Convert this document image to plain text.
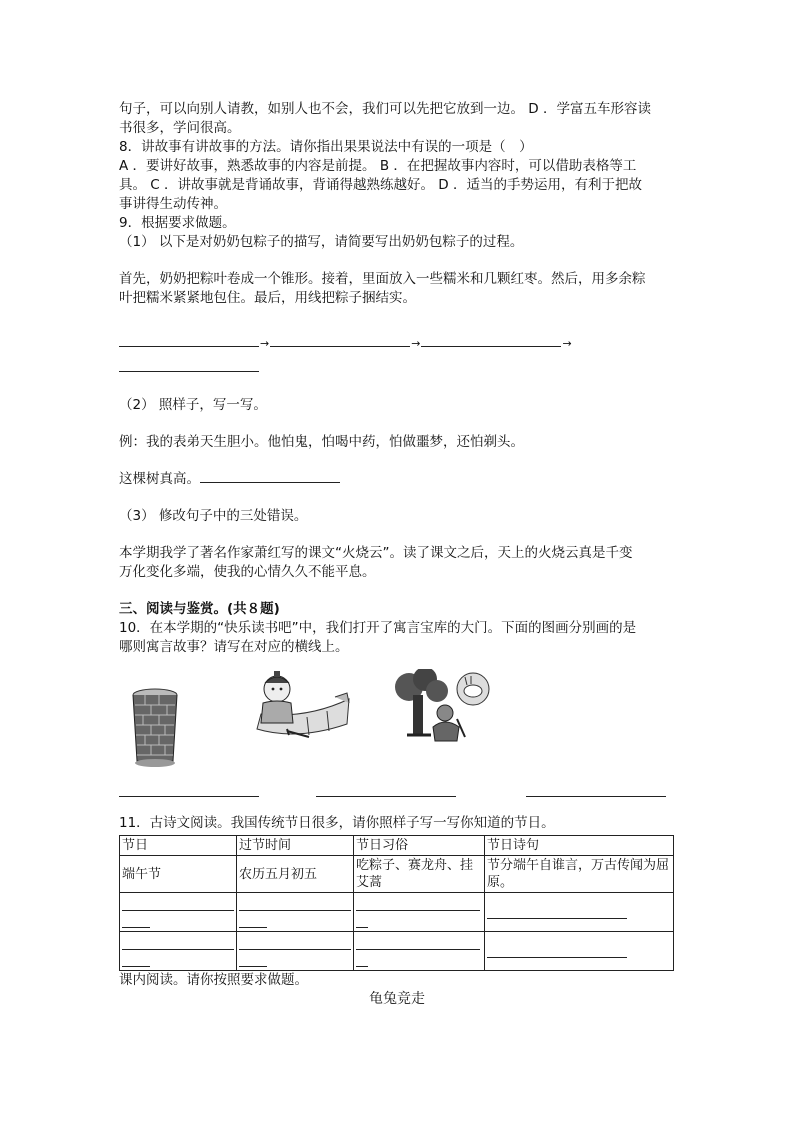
句子，可以向别人请教，如别人也不会，我们可以先把它放到一边。 D ．学富五车形容读

书很多，学问很高。

8．讲故事有讲故事的方法。请你指出果果说法中有误的一项是（　）

A ．要讲好故事，熟悉故事的内容是前提。 B ．在把握故事内容时，可以借助表格等工

具。 C ．讲故事就是背诵故事，背诵得越熟练越好。 D ．适当的手势运用，有利于把故

事讲得生动传神。

9．根据要求做题。

（1） 以下是对奶奶包粽子的描写，请简要写出奶奶包粽子的过程。

首先，奶奶把粽叶卷成一个锥形。接着，里面放入一些糯米和几颗红枣。然后，用多余粽

叶把糯米紧紧地包住。最后，用线把粽子捆结实。

→	→	→

（2） 照样子，写一写。

例：我的表弟天生胆小。他怕鬼，怕喝中药，怕做噩梦，还怕剃头。

这棵树真高。

（3） 修改句子中的三处错误。

本学期我学了著名作家萧红写的课文“火烧云”。读了课文之后，天上的火烧云真是千变

万化变化多端，使我的心情久久不能平息。

三、阅读与鉴赏。(共８题)

10．在本学期的“快乐读书吧”中，我们打开了寓言宝库的大门。下面的图画分别画的是

哪则寓言故事？请写在对应的横线上。

11．古诗文阅读。我国传统节日很多，请你照样子写一写你知道的节日。

节日	过节时间	节日习俗	节日诗句
端午节	农历五月初五	吃粽子、赛龙舟、挂艾蒿	节分端午自谁言，万古传闻为屈原。

课内阅读。请你按照要求做题。

龟兔竞走
